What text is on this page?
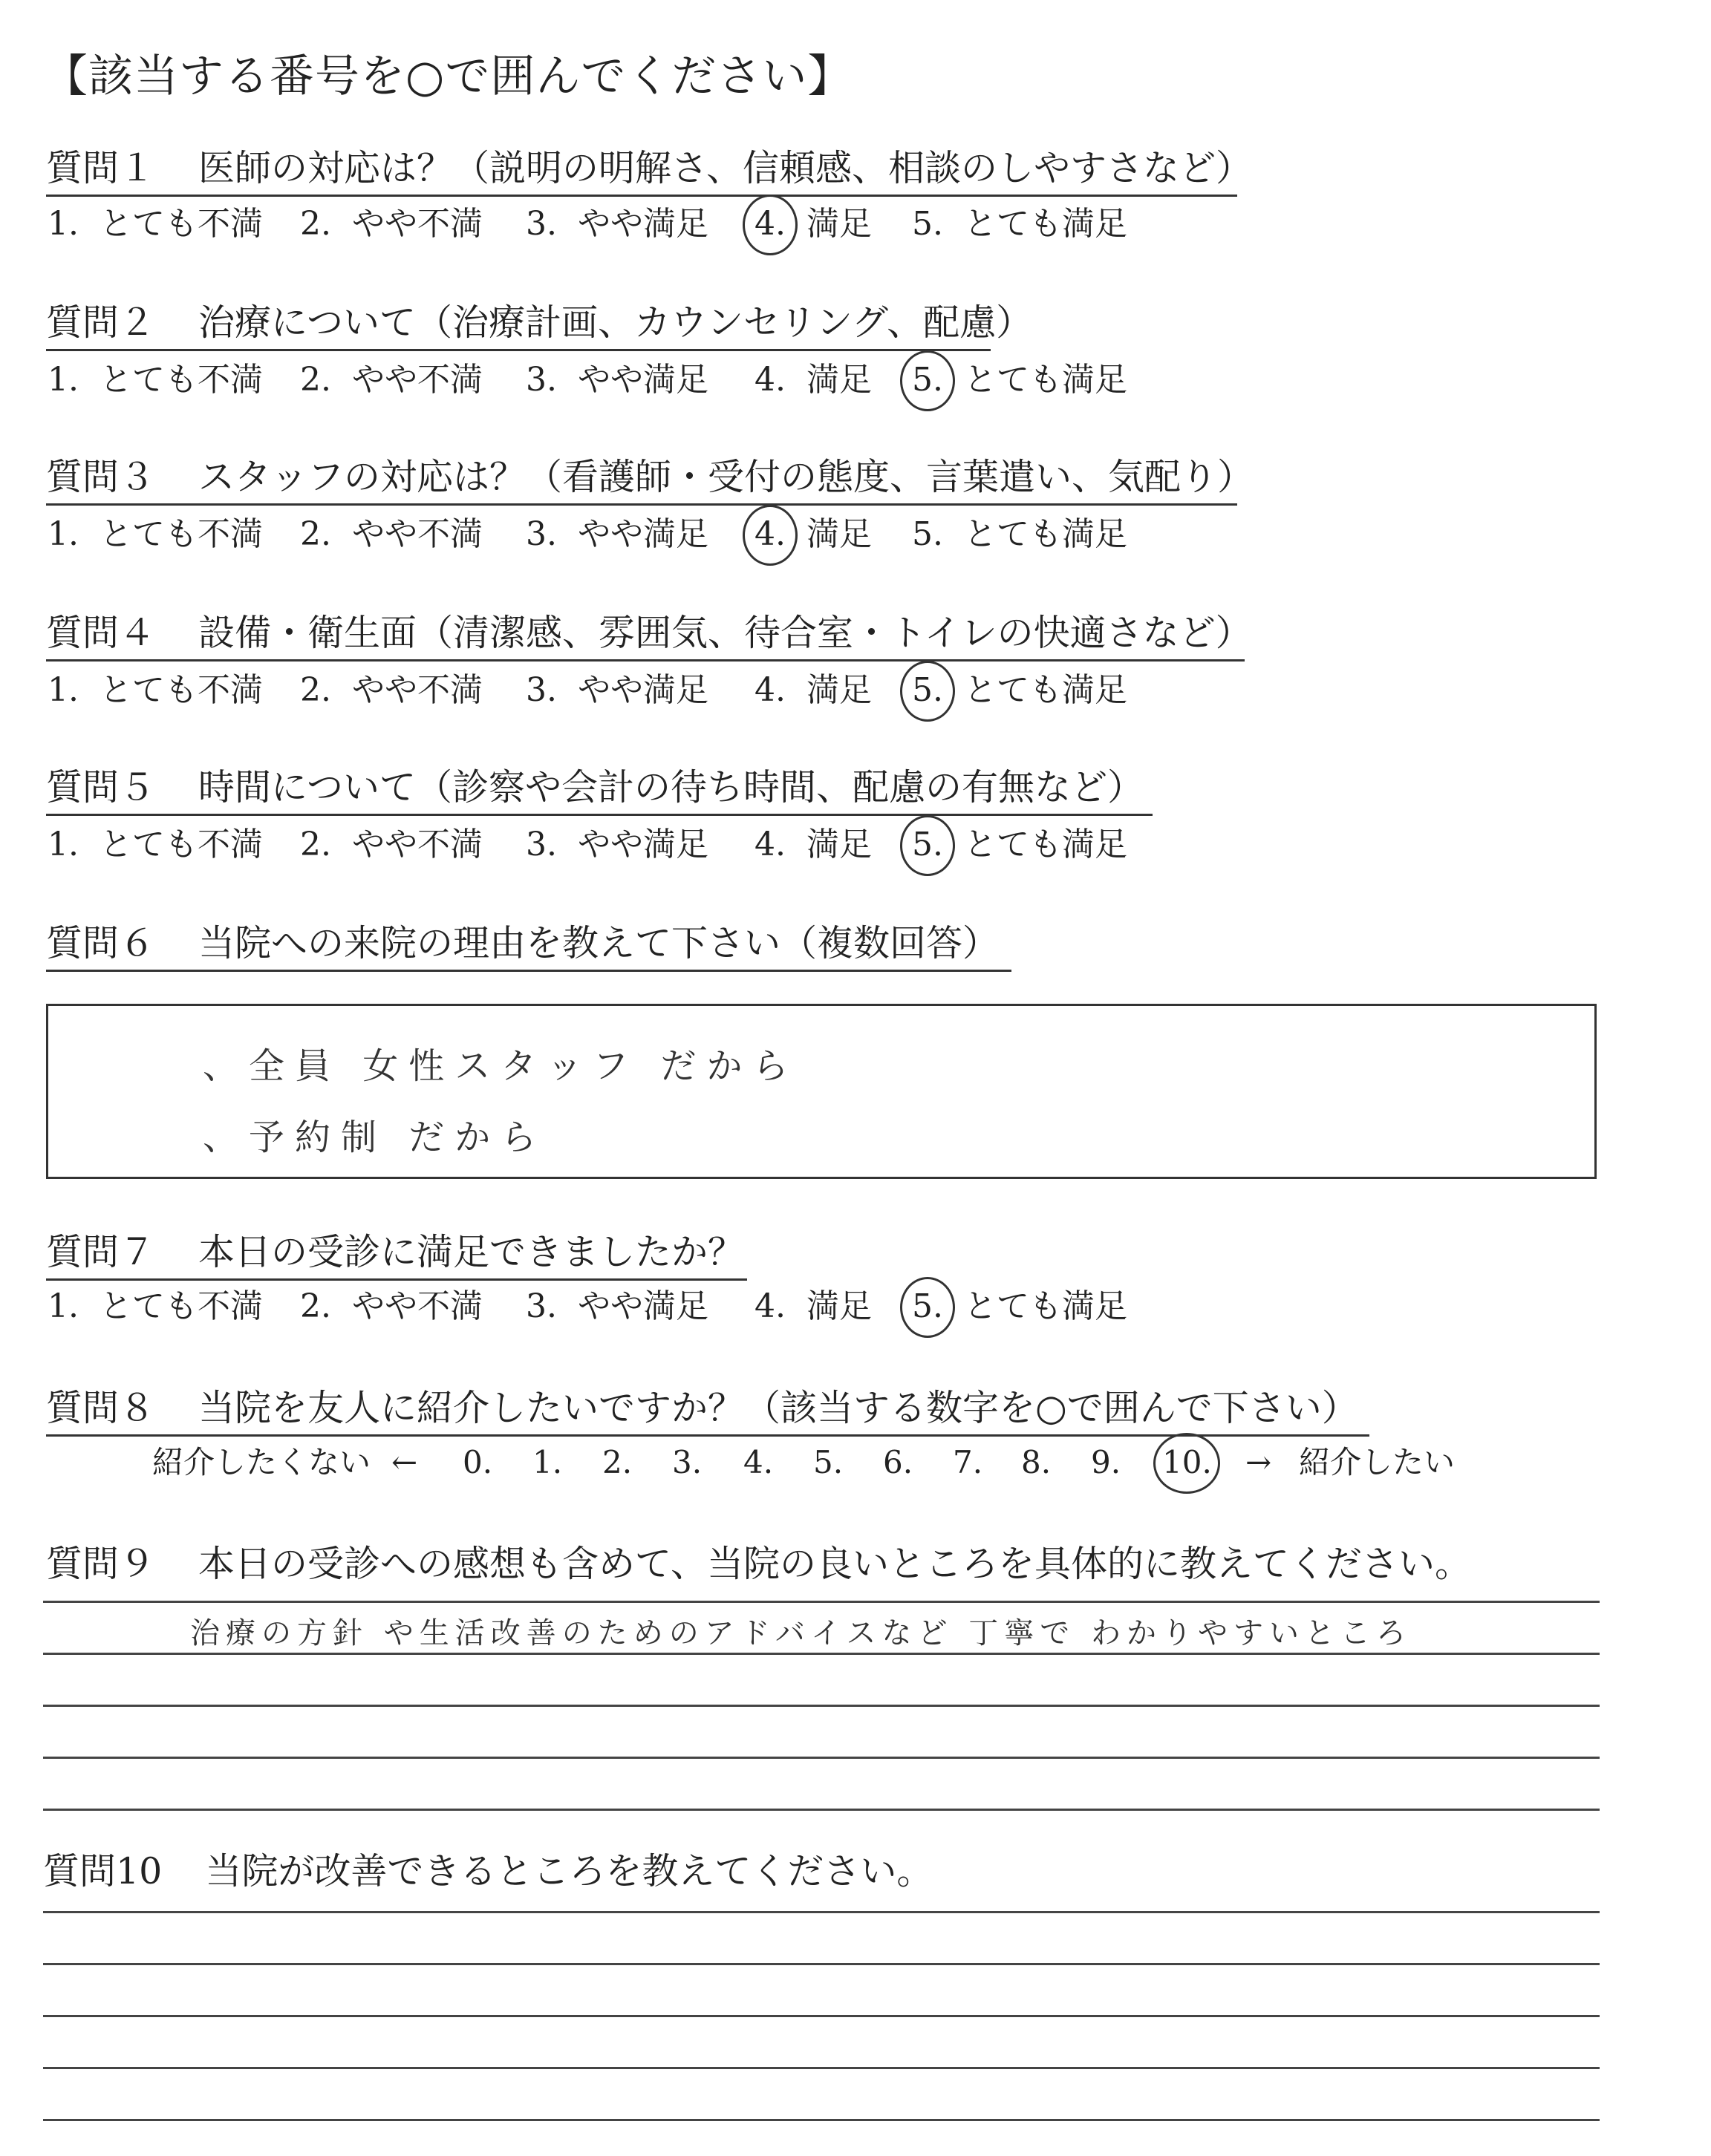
【該当する番号を○で囲んでください】
質問１ 医師の対応は？（説明の明解さ、信頼感、相談のしやすさなど）
1. とても不満 2. やや不満 3. やや満足 4. 満足 5. とても満足
質問２ 治療について（治療計画、カウンセリング、配慮）
1. とても不満 2. やや不満 3. やや満足 4. 満足 5. とても満足
質問３ スタッフの対応は？（看護師・受付の態度、言葉遣い、気配り）
1. とても不満 2. やや不満 3. やや満足 4. 満足 5. とても満足
質問４ 設備・衛生面（清潔感、雰囲気、待合室・トイレの快適さなど）
1. とても不満 2. やや不満 3. やや満足 4. 満足 5. とても満足
質問５ 時間について（診察や会計の待ち時間、配慮の有無など）
1. とても不満 2. やや不満 3. やや満足 4. 満足 5. とても満足
質問６ 当院への来院の理由を教えて下さい（複数回答）
、全員 女性スタッフ だから
、予約制 だから
質問７ 本日の受診に満足できましたか？
1. とても不満 2. やや不満 3. やや満足 4. 満足 5. とても満足
質問８ 当院を友人に紹介したいですか？（該当する数字を○で囲んで下さい）
紹介したくない ← 0. 1. 2. 3. 4. 5. 6. 7. 8. 9. 10. → 紹介したい
質問９ 本日の受診への感想も含めて、当院の良いところを具体的に教えてください。
治療の方針 や生活改善のためのアドバイスなど 丁寧で わかりやすいところ
質問10 当院が改善できるところを教えてください。
